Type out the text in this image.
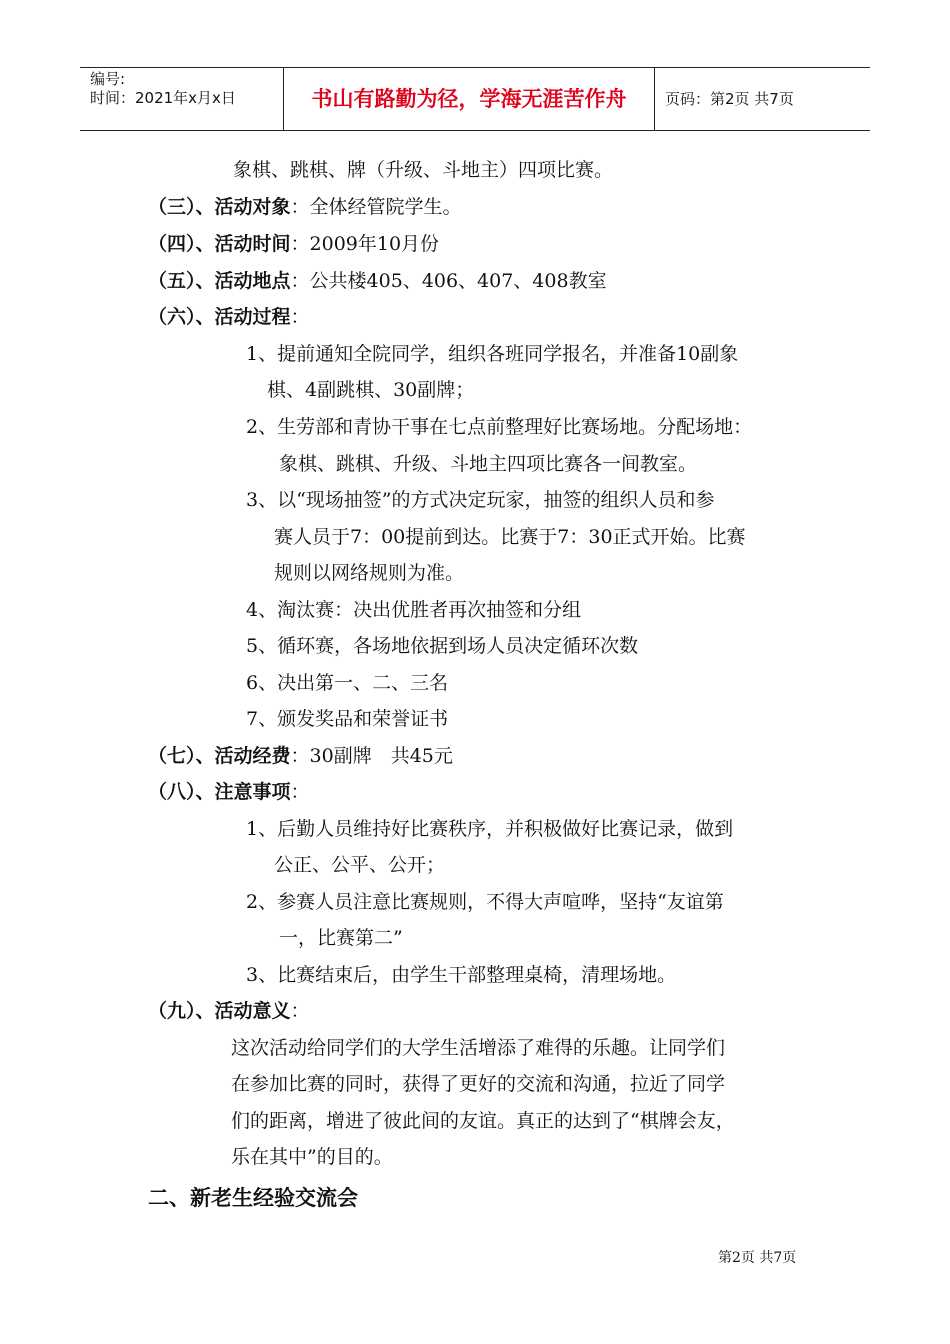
编号:
时间：2021年x月x日	书山有路勤为径，学海无涯苦作舟	页码：第2页 共7页
象棋、跳棋、牌（升级、斗地主）四项比赛。
（三）、活动对象：全体经管院学生。
（四）、活动时间：2009年10月份
（五）、活动地点：公共楼405、406、407、408教室
（六）、活动过程：
1、提前通知全院同学，组织各班同学报名，并准备10副象
棋、4副跳棋、30副牌；
2、生劳部和青协干事在七点前整理好比赛场地。分配场地：
象棋、跳棋、升级、斗地主四项比赛各一间教室。
3、以“现场抽签”的方式决定玩家，抽签的组织人员和参
赛人员于7：00提前到达。比赛于7：30正式开始。比赛
规则以网络规则为准。
4、淘汰赛：决出优胜者再次抽签和分组
5、循环赛，各场地依据到场人员决定循环次数
6、决出第一、二、三名
7、颁发奖品和荣誉证书
（七）、活动经费：30副牌　共45元
（八）、注意事项：
1、后勤人员维持好比赛秩序，并积极做好比赛记录，做到
公正、公平、公开；
2、参赛人员注意比赛规则，不得大声喧哗，坚持“友谊第
一，比赛第二”
3、比赛结束后，由学生干部整理桌椅，清理场地。
（九）、活动意义：
这次活动给同学们的大学生活增添了难得的乐趣。让同学们
在参加比赛的同时，获得了更好的交流和沟通，拉近了同学
们的距离，增进了彼此间的友谊。真正的达到了“棋牌会友，
乐在其中”的目的。
二、新老生经验交流会
第2页 共7页
